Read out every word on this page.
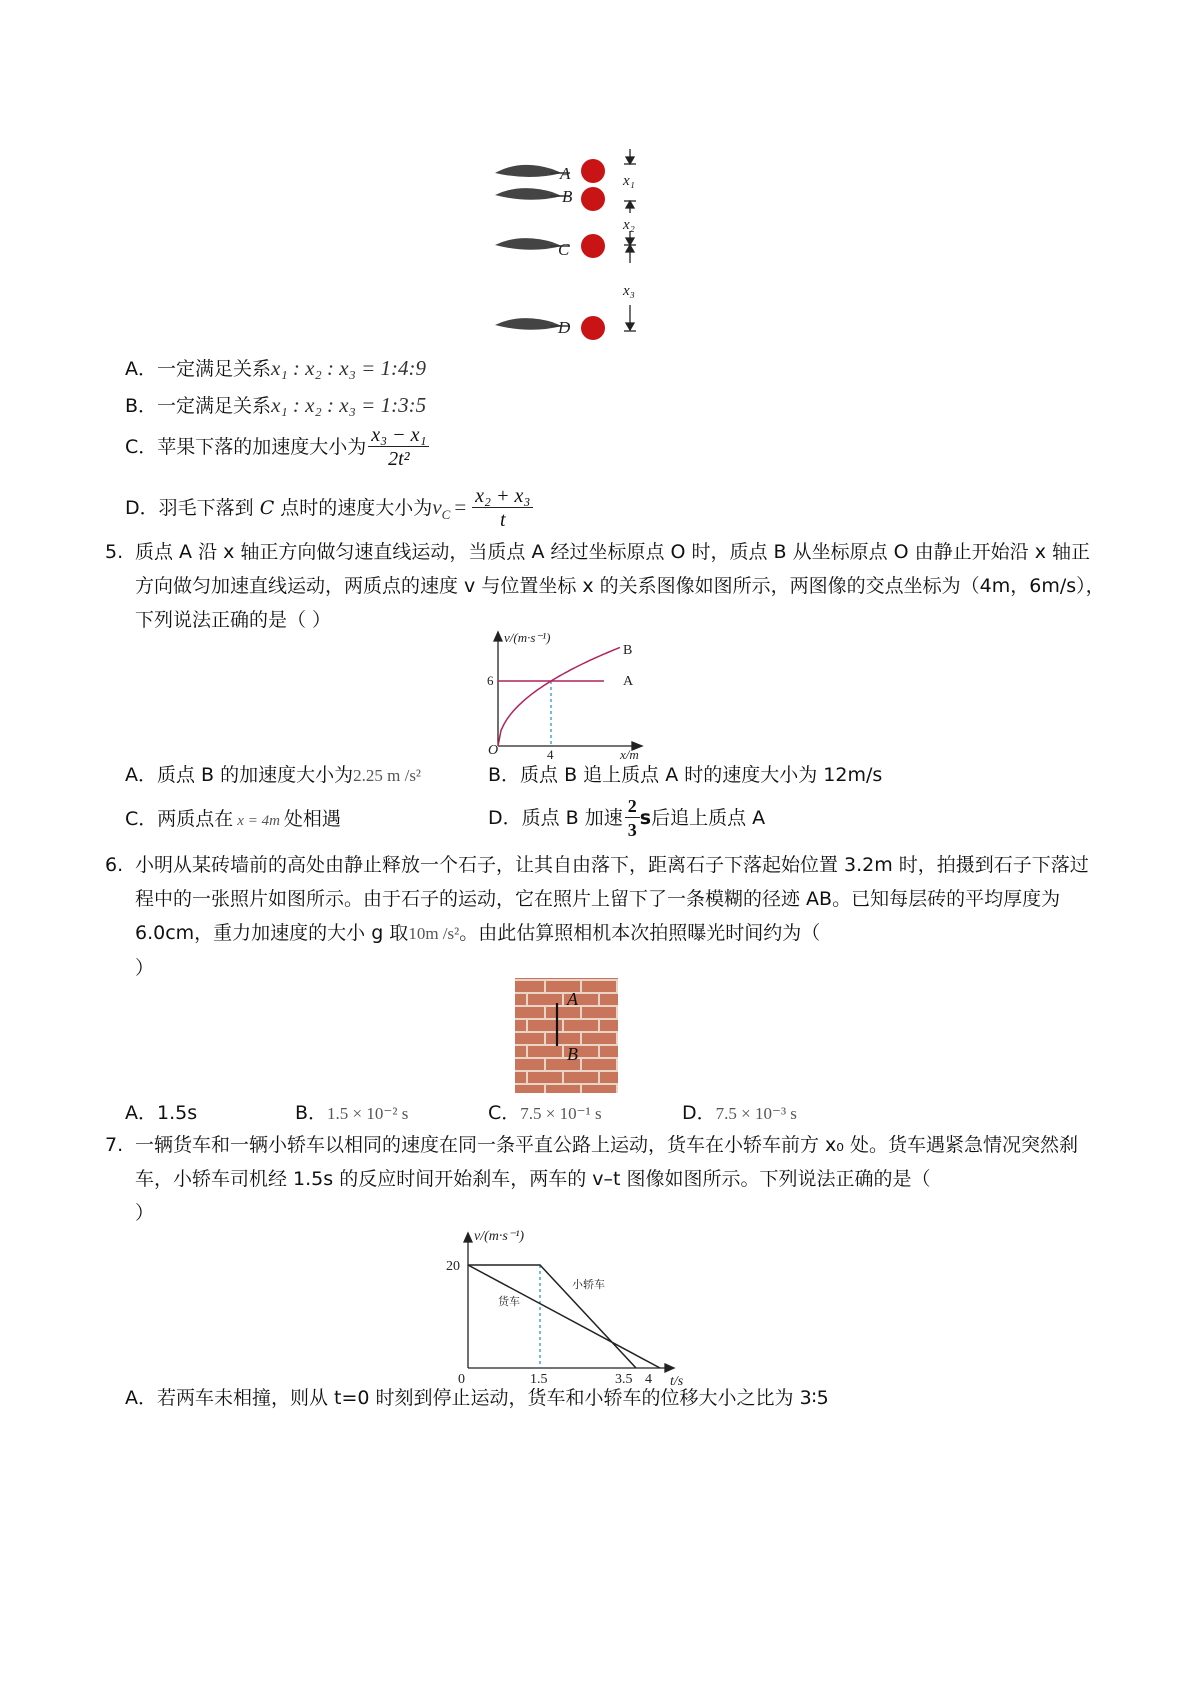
A
B
C
D
x₁
x₂
x₃
A．一定满足关系x₁ : x₂ : x₃ = 1:4:9
B．一定满足关系x₁ : x₂ : x₃ = 1:3:5
C．苹果下落的加速度大小为 $\frac{\text{x₃ − x₁}}{\text{2t²}}$
D．羽毛下落到 C 点时的速度大小为$v_C = \frac{\text{x₂ + x₃}}{t}$
5. 质点 A 沿 x 轴正方向做匀速直线运动，当质点 A 经过坐标原点 O 时，质点 B 从坐标原点 O 由静止开始沿 x 轴正方向做匀加速直线运动，两质点的速度 v 与位置坐标 x 的关系图像如图所示，两图像的交点坐标为（4m，6m/s），下列说法正确的是（ ）
v/(m·s⁻¹)
x/m
O
6
4
A
B
A．质点 B 的加速度大小为2.25 m /s²	B．质点 B 追上质点 A 时的速度大小为 12m/s
C．两质点在 x = 4m 处相遇	D．质点 B 加速 $\frac{2}{3}$ s后追上质点 A
6. 小明从某砖墙前的高处由静止释放一个石子，让其自由落下，距离石子下落起始位置 3.2m 时，拍摄到石子下落过程中的一张照片如图所示。由于石子的运动，它在照片上留下了一条模糊的径迹 AB。已知每层砖的平均厚度为6.0cm，重力加速度的大小 g 取10m /s²。由此估算照相机本次拍照曝光时间约为（
）
A
B
A．1.5s	B．1.5 × 10⁻² s	C．7.5 × 10⁻¹ s	D．7.5 × 10⁻³ s
7. 一辆货车和一辆小轿车以相同的速度在同一条平直公路上运动，货车在小轿车前方 x₀ 处。货车遇紧急情况突然刹车，小轿车司机经 1.5s 的反应时间开始刹车，两车的 v–t 图像如图所示。下列说法正确的是（
）
v/(m·s⁻¹)
t/s
0
20
1.5	3.5 4
货车
小轿车
A．若两车未相撞，则从 t=0 时刻到停止运动，货车和小轿车的位移大小之比为 3∶5
